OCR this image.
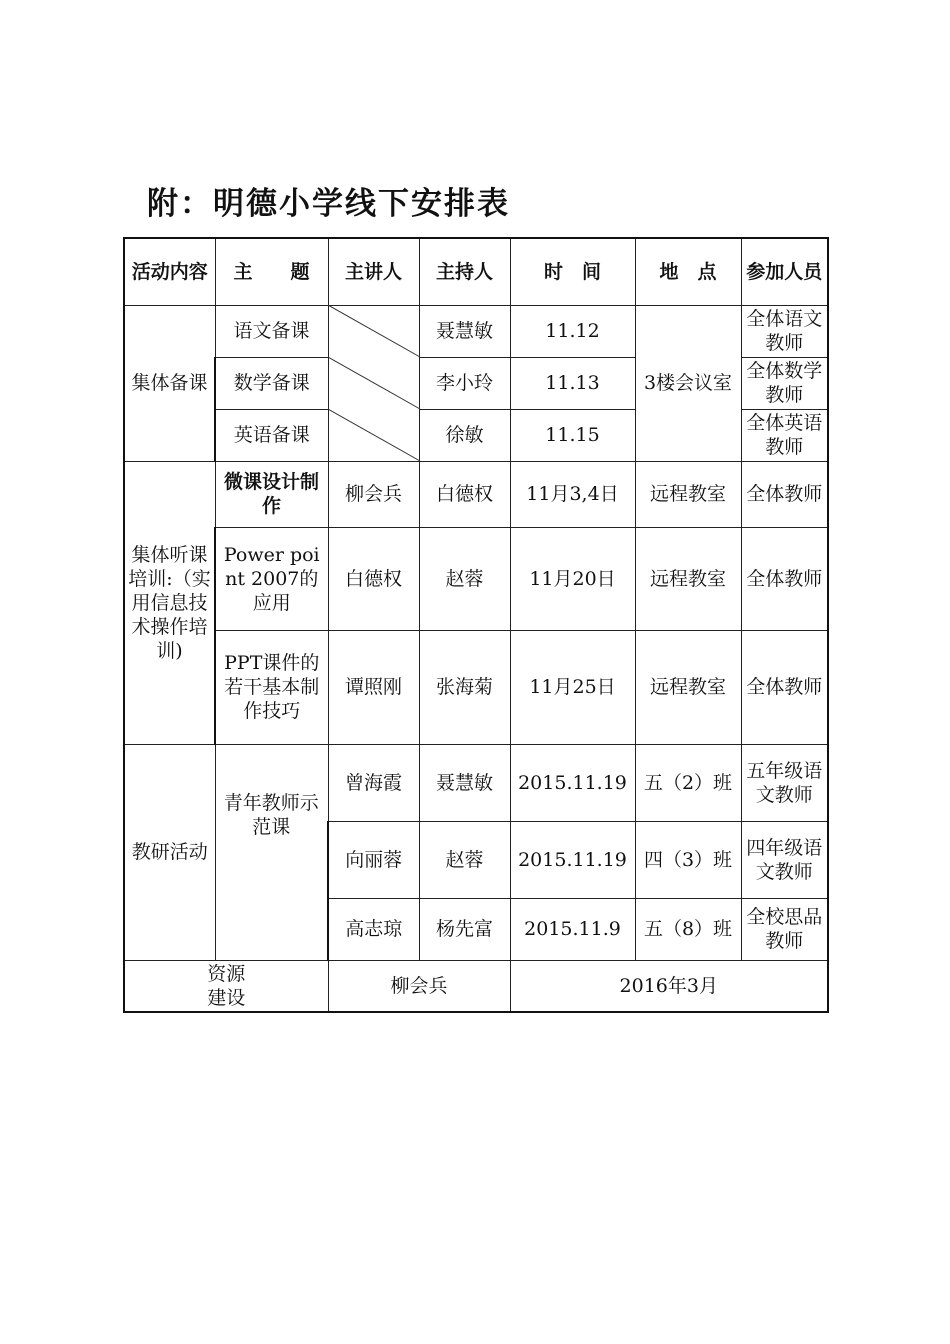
附：明德小学线下安排表
活动内容	主　　题	主讲人	主持人	时　间	地　点	参加人员
集体备课	语文备课		聂慧敏	11.12	3楼会议室	全体语文教师
	数学备课		李小玲	11.13		全体数学教师
	英语备课		徐敏	11.15		全体英语教师
集体听课培训:（实用信息技术操作培训)	微课设计制作	柳会兵	白德权	11月3,4日	远程教室	全体教师
	Power point 2007的应用	白德权	赵蓉	11月20日	远程教室	全体教师
	PPT课件的若干基本制作技巧	谭照刚	张海菊	11月25日	远程教室	全体教师
教研活动	青年教师示范课	曾海霞	聂慧敏	2015.11.19	五（2）班	五年级语文教师
		向丽蓉	赵蓉	2015.11.19	四（3）班	四年级语文教师
		高志琼	杨先富	2015.11.9	五（8）班	全校思品教师
资源建设		柳会兵		2016年3月		
